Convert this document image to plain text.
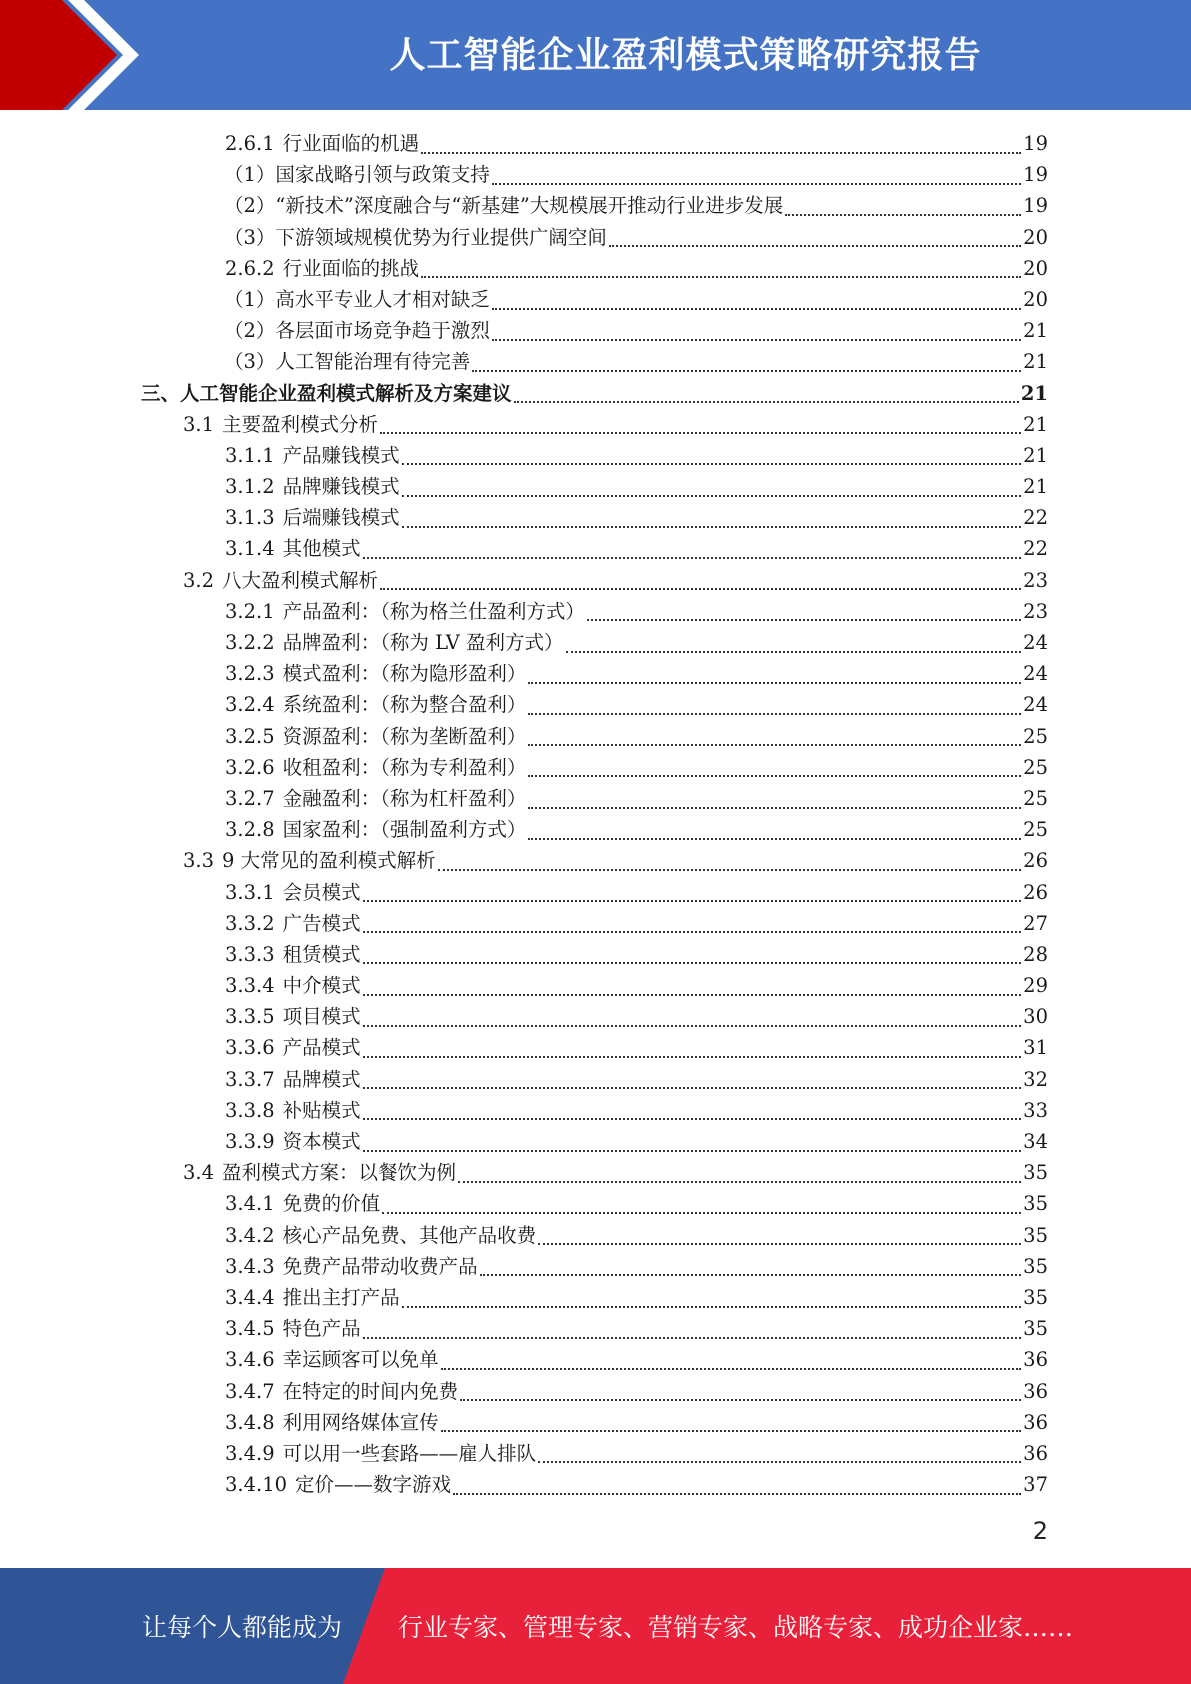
人工智能企业盈利模式策略研究报告
2.6.1 行业面临的机遇	19
（1）国家战略引领与政策支持	19
（2）“新技术”深度融合与“新基建”大规模展开推动行业进步发展	19
（3）下游领域规模优势为行业提供广阔空间	20
2.6.2 行业面临的挑战	20
（1）高水平专业人才相对缺乏	20
（2）各层面市场竞争趋于激烈	21
（3）人工智能治理有待完善	21
三、人工智能企业盈利模式解析及方案建议	21
3.1 主要盈利模式分析	21
3.1.1 产品赚钱模式	21
3.1.2 品牌赚钱模式	21
3.1.3 后端赚钱模式	22
3.1.4 其他模式	22
3.2 八大盈利模式解析	23
3.2.1 产品盈利：（称为格兰仕盈利方式）	23
3.2.2 品牌盈利：（称为 LV 盈利方式）	24
3.2.3 模式盈利：（称为隐形盈利）	24
3.2.4 系统盈利：（称为整合盈利）	24
3.2.5 资源盈利：（称为垄断盈利）	25
3.2.6 收租盈利：（称为专利盈利）	25
3.2.7 金融盈利：（称为杠杆盈利）	25
3.2.8 国家盈利：（强制盈利方式）	25
3.3 9 大常见的盈利模式解析	26
3.3.1 会员模式	26
3.3.2 广告模式	27
3.3.3 租赁模式	28
3.3.4 中介模式	29
3.3.5 项目模式	30
3.3.6 产品模式	31
3.3.7 品牌模式	32
3.3.8 补贴模式	33
3.3.9 资本模式	34
3.4 盈利模式方案：以餐饮为例	35
3.4.1 免费的价值	35
3.4.2 核心产品免费、其他产品收费	35
3.4.3 免费产品带动收费产品	35
3.4.4 推出主打产品	35
3.4.5 特色产品	35
3.4.6 幸运顾客可以免单	36
3.4.7 在特定的时间内免费	36
3.4.8 利用网络媒体宣传	36
3.4.9 可以用一些套路——雇人排队	36
3.4.10 定价——数字游戏	37
2
让每个人都能成为 行业专家、管理专家、营销专家、战略专家、成功企业家……
